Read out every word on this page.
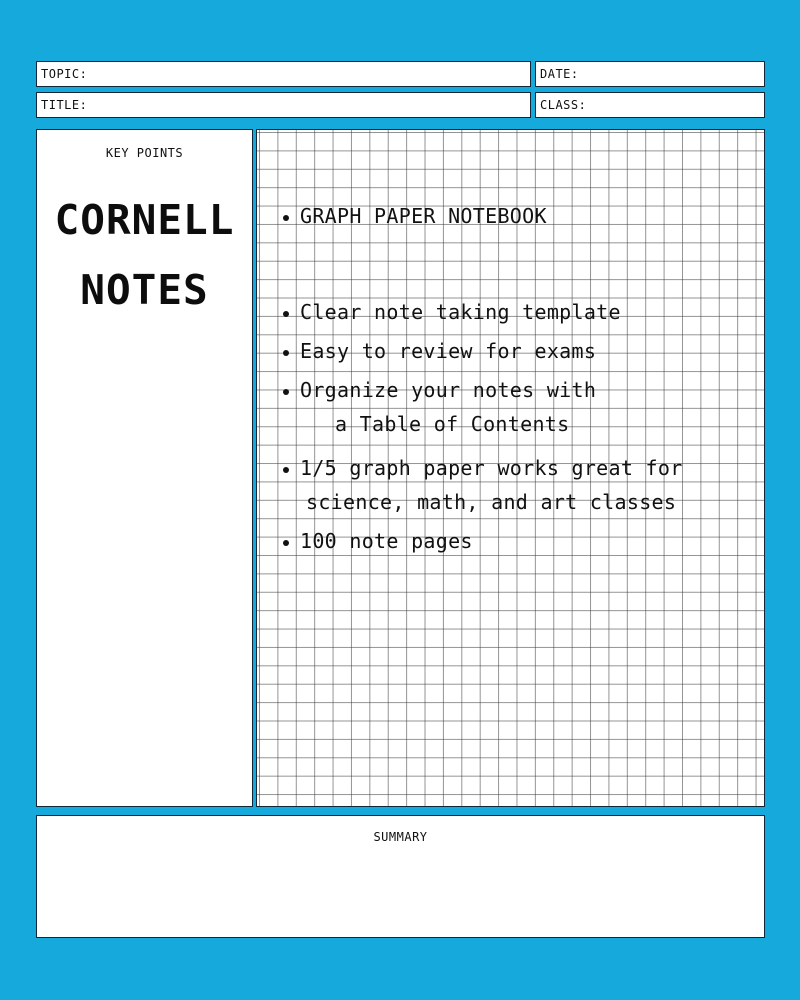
TOPIC:	DATE:
TITLE:	CLASS:
KEY POINTS
CORNELL
NOTES
GRAPH PAPER NOTEBOOK
Clear note taking template
Easy to review for exams
Organize your notes with
a Table of Contents
1/5 graph paper works great for
science, math, and art classes
100 note pages
SUMMARY
